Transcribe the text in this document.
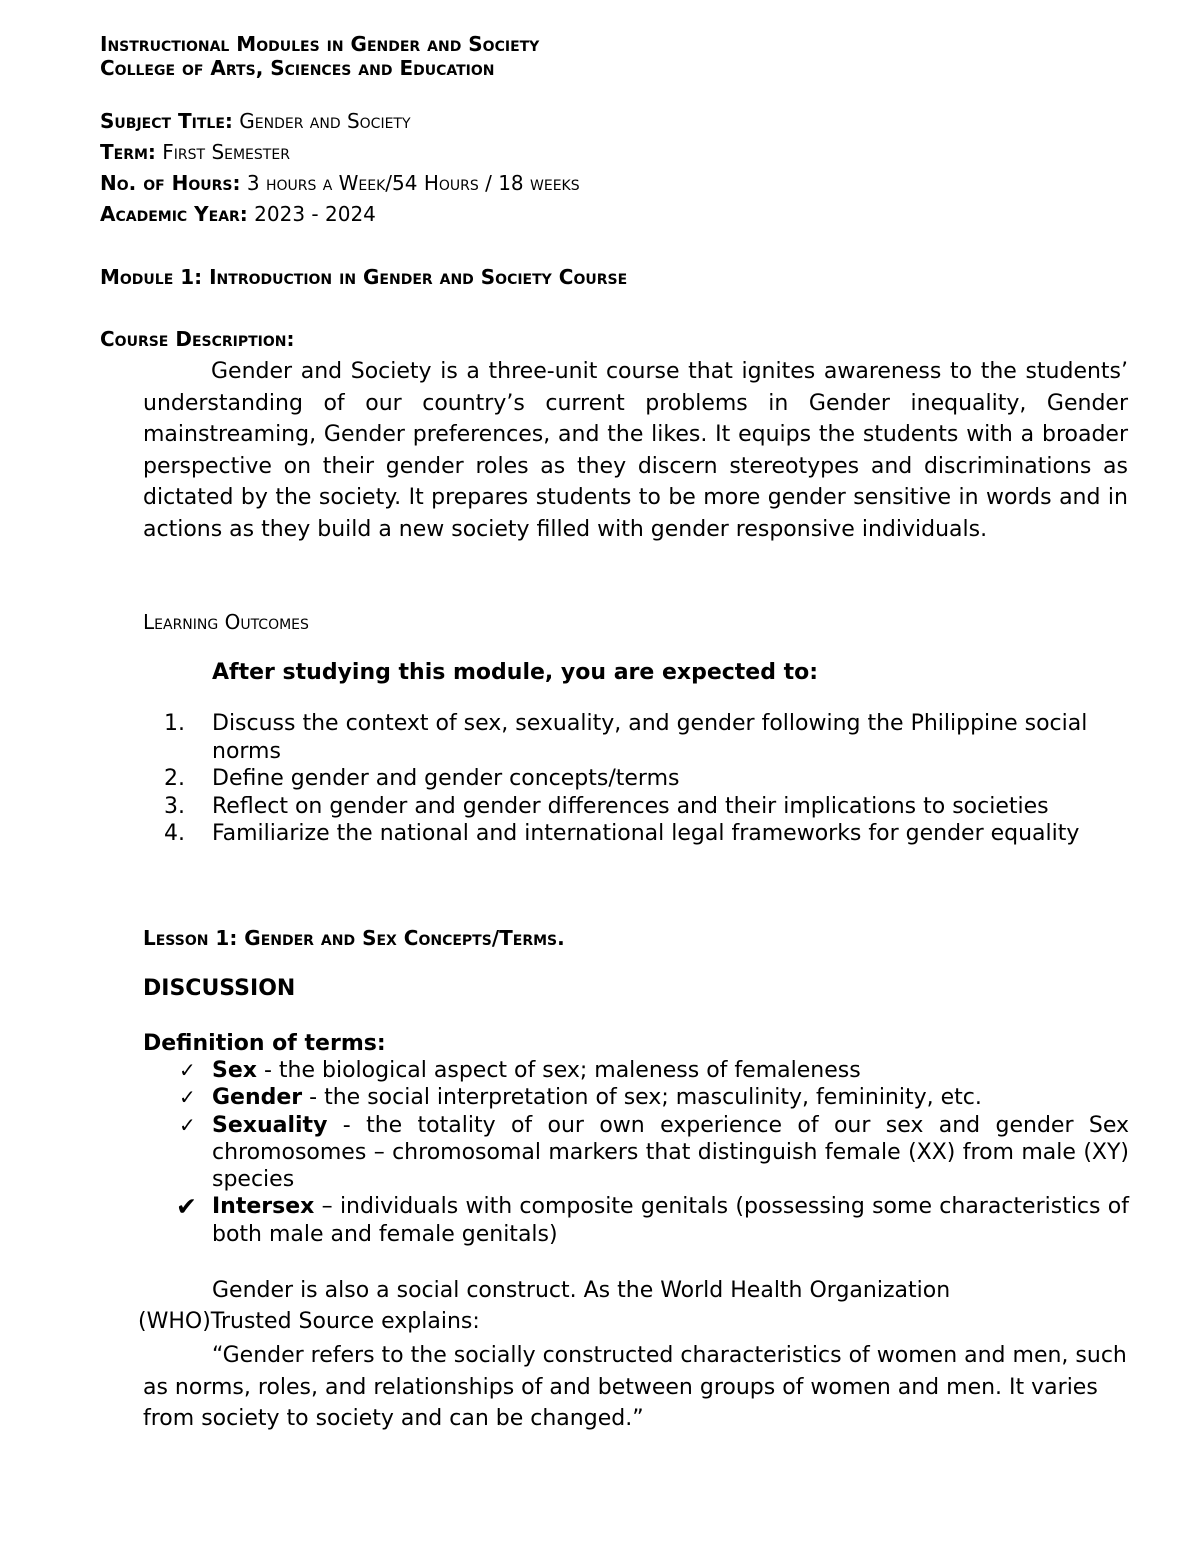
Instructional Modules in Gender and Society
College of Arts, Sciences and Education
Subject Title: Gender and Society
Term: First Semester
No. of Hours: 3 hours a Week/54 Hours / 18 weeks
Academic Year: 2023 - 2024
Module 1: Introduction in Gender and Society Course
Course Description:
Gender and Society is a three-unit course that ignites awareness to the students’ understanding of our country’s current problems in Gender inequality, Gender mainstreaming, Gender preferences, and the likes. It equips the students with a broader perspective on their gender roles as they discern stereotypes and discriminations as dictated by the society. It prepares students to be more gender sensitive in words and in actions as they build a new society filled with gender responsive individuals.
Learning Outcomes
After studying this module, you are expected to:
1. Discuss the context of sex, sexuality, and gender following the Philippine social norms
2. Define gender and gender concepts/terms
3. Reflect on gender and gender differences and their implications to societies
4. Familiarize the national and international legal frameworks for gender equality
Lesson 1: Gender and Sex Concepts/Terms.
DISCUSSION
Definition of terms:
✓ Sex - the biological aspect of sex; maleness of femaleness
✓ Gender - the social interpretation of sex; masculinity, femininity, etc.
✓ Sexuality - the totality of our own experience of our sex and gender Sex chromosomes – chromosomal markers that distinguish female (XX) from male (XY) species
✔ Intersex – individuals with composite genitals (possessing some characteristics of both male and female genitals)
Gender is also a social construct. As the World Health Organization
(WHO)Trusted Source explains:
“Gender refers to the socially constructed characteristics of women and men, such as norms, roles, and relationships of and between groups of women and men. It varies from society to society and can be changed.”
